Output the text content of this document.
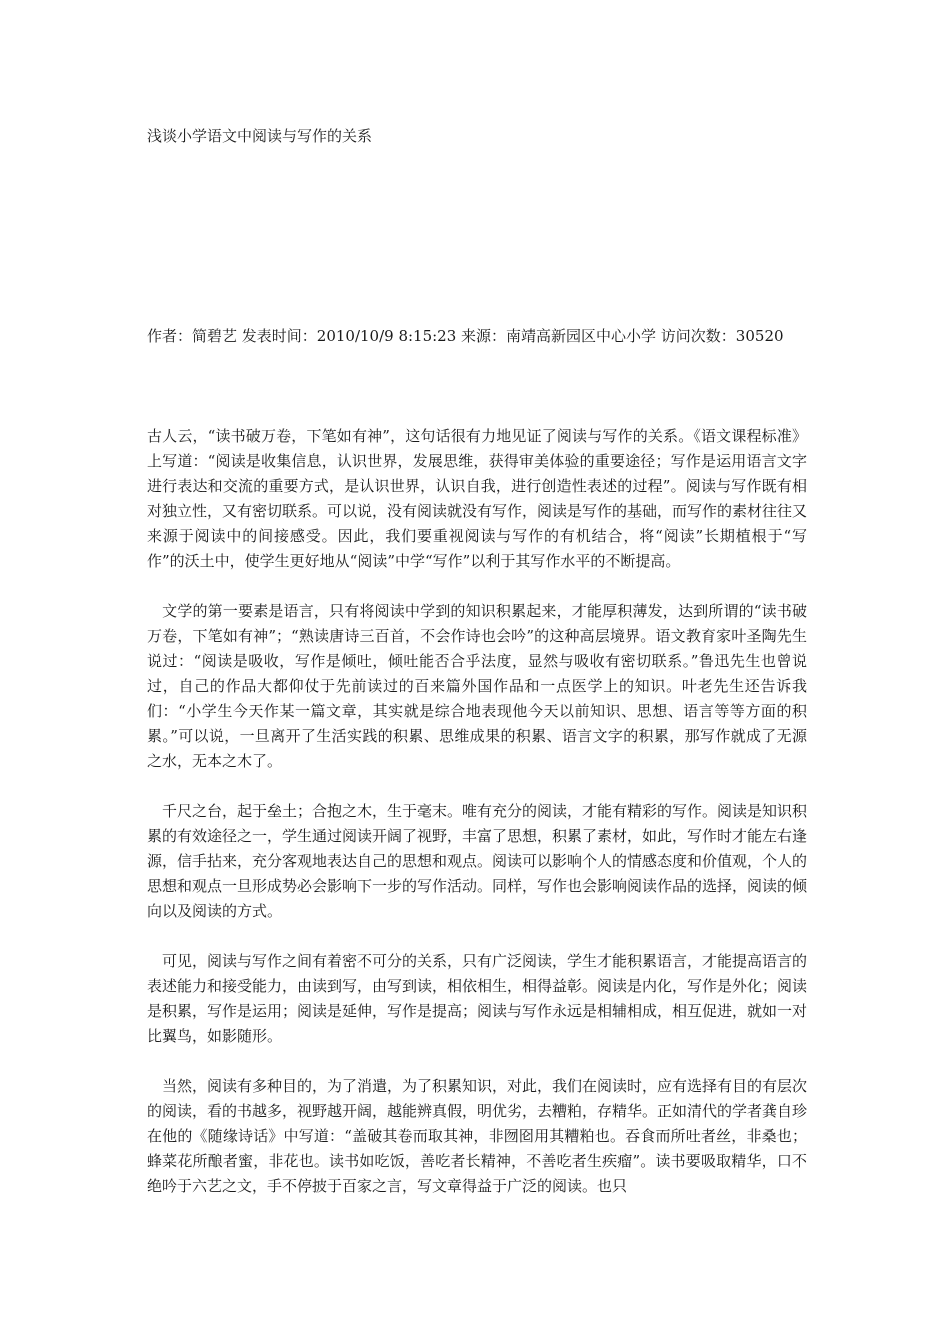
浅谈小学语文中阅读与写作的关系
作者：简碧艺 发表时间：2010/10/9 8:15:23 来源：南靖高新园区中心小学 访问次数：30520

古人云，“读书破万卷，下笔如有神”，这句话很有力地见证了阅读与写作的关系。《语文课程标准》上写道：“阅读是收集信息，认识世界，发展思维，获得审美体验的重要途径；写作是运用语言文字进行表达和交流的重要方式，是认识世界，认识自我，进行创造性表述的过程”。阅读与写作既有相对独立性，又有密切联系。可以说，没有阅读就没有写作，阅读是写作的基础，而写作的素材往往又来源于阅读中的间接感受。因此，我们要重视阅读与写作的有机结合，将“阅读”长期植根于“写作”的沃土中，使学生更好地从“阅读”中学“写作”以利于其写作水平的不断提高。

　文学的第一要素是语言，只有将阅读中学到的知识积累起来，才能厚积薄发，达到所谓的“读书破万卷，下笔如有神”；“熟读唐诗三百首，不会作诗也会吟”的这种高层境界。语文教育家叶圣陶先生说过：“阅读是吸收，写作是倾吐，倾吐能否合乎法度，显然与吸收有密切联系。”鲁迅先生也曾说过，自己的作品大都仰仗于先前读过的百来篇外国作品和一点医学上的知识。叶老先生还告诉我们：“小学生今天作某一篇文章，其实就是综合地表现他今天以前知识、思想、语言等等方面的积累。”可以说，一旦离开了生活实践的积累、思维成果的积累、语言文字的积累，那写作就成了无源之水，无本之木了。

　千尺之台，起于垒土；合抱之木，生于毫末。唯有充分的阅读，才能有精彩的写作。阅读是知识积累的有效途径之一，学生通过阅读开阔了视野，丰富了思想，积累了素材，如此，写作时才能左右逢源，信手拈来，充分客观地表达自己的思想和观点。阅读可以影响个人的情感态度和价值观，个人的思想和观点一旦形成势必会影响下一步的写作活动。同样，写作也会影响阅读作品的选择，阅读的倾向以及阅读的方式。

　可见，阅读与写作之间有着密不可分的关系，只有广泛阅读，学生才能积累语言，才能提高语言的表述能力和接受能力，由读到写，由写到读，相依相生，相得益彰。阅读是内化，写作是外化；阅读是积累，写作是运用；阅读是延伸，写作是提高；阅读与写作永远是相辅相成，相互促进，就如一对比翼鸟，如影随形。

　当然，阅读有多种目的，为了消遣，为了积累知识，对此，我们在阅读时，应有选择有目的有层次的阅读，看的书越多，视野越开阔，越能辨真假，明优劣，去糟粕，存精华。正如清代的学者龚自珍在他的《随缘诗话》中写道：“盖破其卷而取其神，非囫囵用其糟粕也。吞食而所吐者丝，非桑也；蜂菜花所酿者蜜，非花也。读书如吃饭，善吃者长精神，不善吃者生疾瘤”。读书要吸取精华，口不绝吟于六艺之文，手不停披于百家之言，写文章得益于广泛的阅读。也只
